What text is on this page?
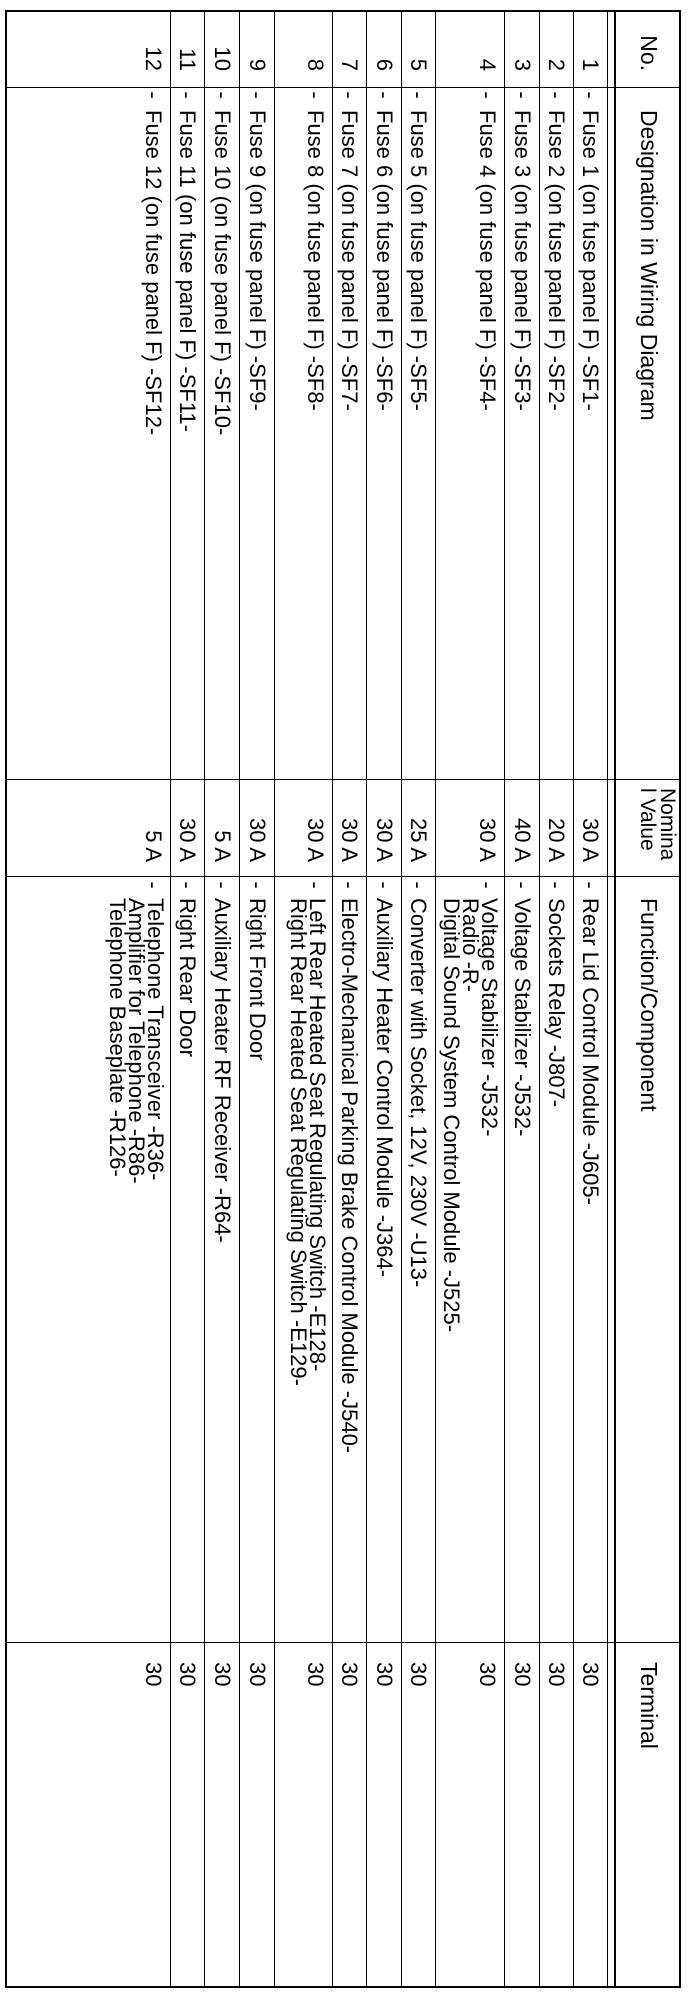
No.
Designation in Wiring Diagram
Nomina l Value
Function/Component
Terminal
1
-
Fuse 1 (on fuse panel F) -SF1-
30 A
-
30
Rear Lid Control Module -J605-
2
-
Fuse 2 (on fuse panel F) -SF2-
20 A
-
30
Sockets Relay -J807-
3
-
Fuse 3 (on fuse panel F) -SF3-
40 A
-
30
Voltage Stabilizer -J532-
4
-
Fuse 4 (on fuse panel F) -SF4-
30 A
-
30
Voltage Stabilizer -J532-
Radio -R-
Digital Sound System Control Module -J525-
5
-
Fuse 5 (on fuse panel F) -SF5-
25 A
-
30
Converter with Socket, 12V, 230V -U13-
6
-
Fuse 6 (on fuse panel F) -SF6-
30 A
-
30
Auxiliary Heater Control Module -J364-
7
-
Fuse 7 (on fuse panel F) -SF7-
30 A
-
30
Electro-Mechanical Parking Brake Control Module -J540-
8
-
Fuse 8 (on fuse panel F) -SF8-
30 A
-
30
Left Rear Heated Seat Regulating Switch -E128-
Right Rear Heated Seat Regulating Switch -E129-
9
-
Fuse 9 (on fuse panel F) -SF9-
30 A
-
30
Right Front Door
10
-
Fuse 10 (on fuse panel F) -SF10-
5 A
-
30
Auxiliary Heater RF Receiver -R64-
11
-
Fuse 11 (on fuse panel F) -SF11-
30 A
-
30
Right Rear Door
12
-
Fuse 12 (on fuse panel F) -SF12-
5 A
-
30
Telephone Transceiver -R36-
Amplifier for Telephone -R86-
Telephone Baseplate -R126-
